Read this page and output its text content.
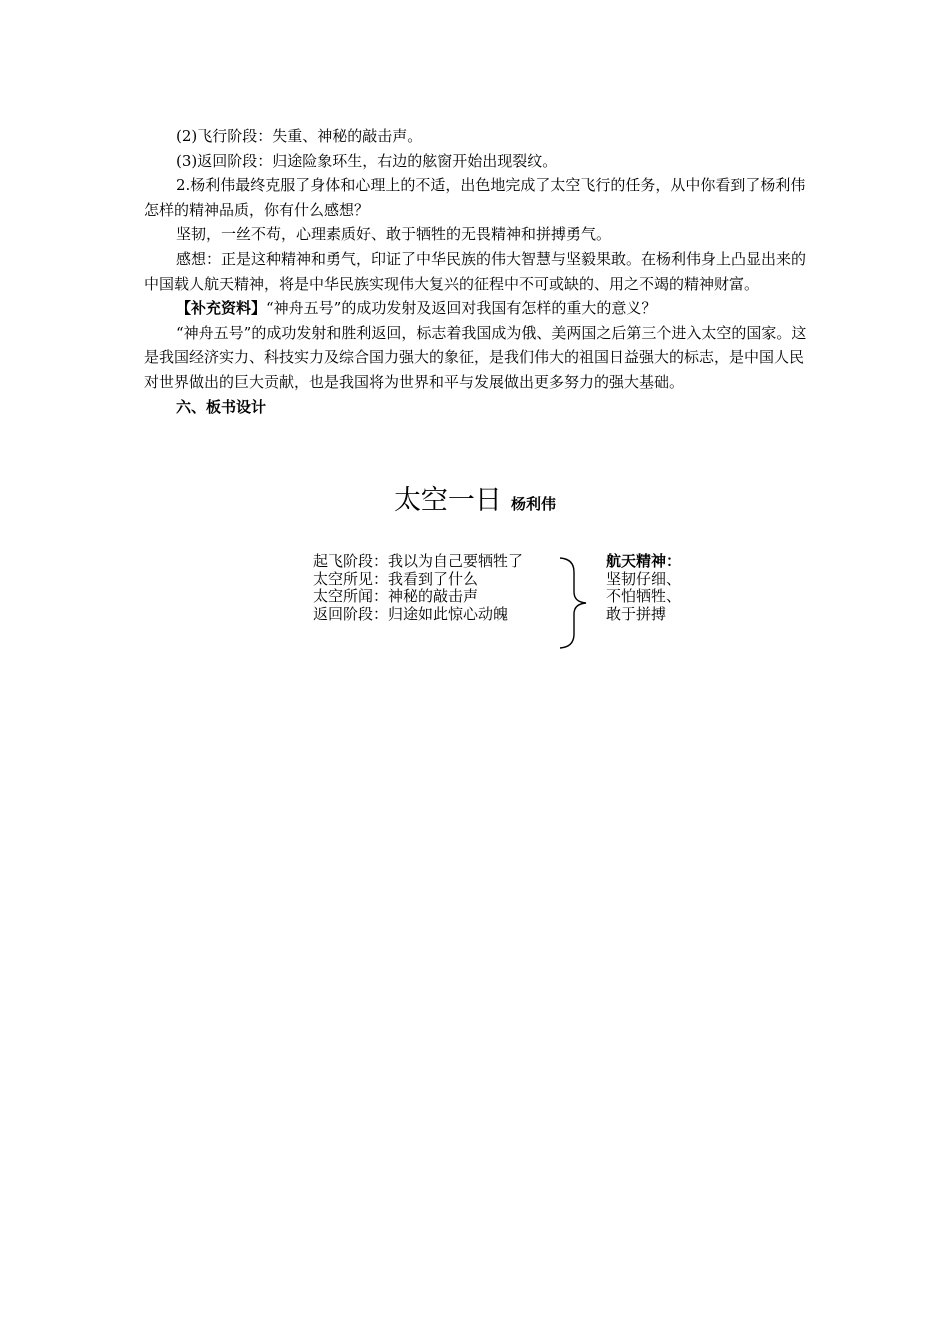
(2)飞行阶段：失重、神秘的敲击声。

(3)返回阶段：归途险象环生，右边的舷窗开始出现裂纹。

2.杨利伟最终克服了身体和心理上的不适，出色地完成了太空飞行的任务，从中你看到了杨利伟怎样的精神品质，你有什么感想？

坚韧，一丝不苟，心理素质好、敢于牺牲的无畏精神和拼搏勇气。

感想：正是这种精神和勇气，印证了中华民族的伟大智慧与坚毅果敢。在杨利伟身上凸显出来的中国载人航天精神，将是中华民族实现伟大复兴的征程中不可或缺的、用之不竭的精神财富。

【补充资料】“神舟五号”的成功发射及返回对我国有怎样的重大的意义？

“神舟五号”的成功发射和胜利返回，标志着我国成为俄、美两国之后第三个进入太空的国家。这是我国经济实力、科技实力及综合国力强大的象征，是我们伟大的祖国日益强大的标志，是中国人民对世界做出的巨大贡献，也是我国将为世界和平与发展做出更多努力的强大基础。

六、板书设计

太空一日 杨利伟
起飞阶段：我以为自己要牺牲了
太空所见：我看到了什么
太空所闻：神秘的敲击声
返回阶段：归途如此惊心动魄
航天精神：
坚韧仔细、
不怕牺牲、
敢于拼搏
